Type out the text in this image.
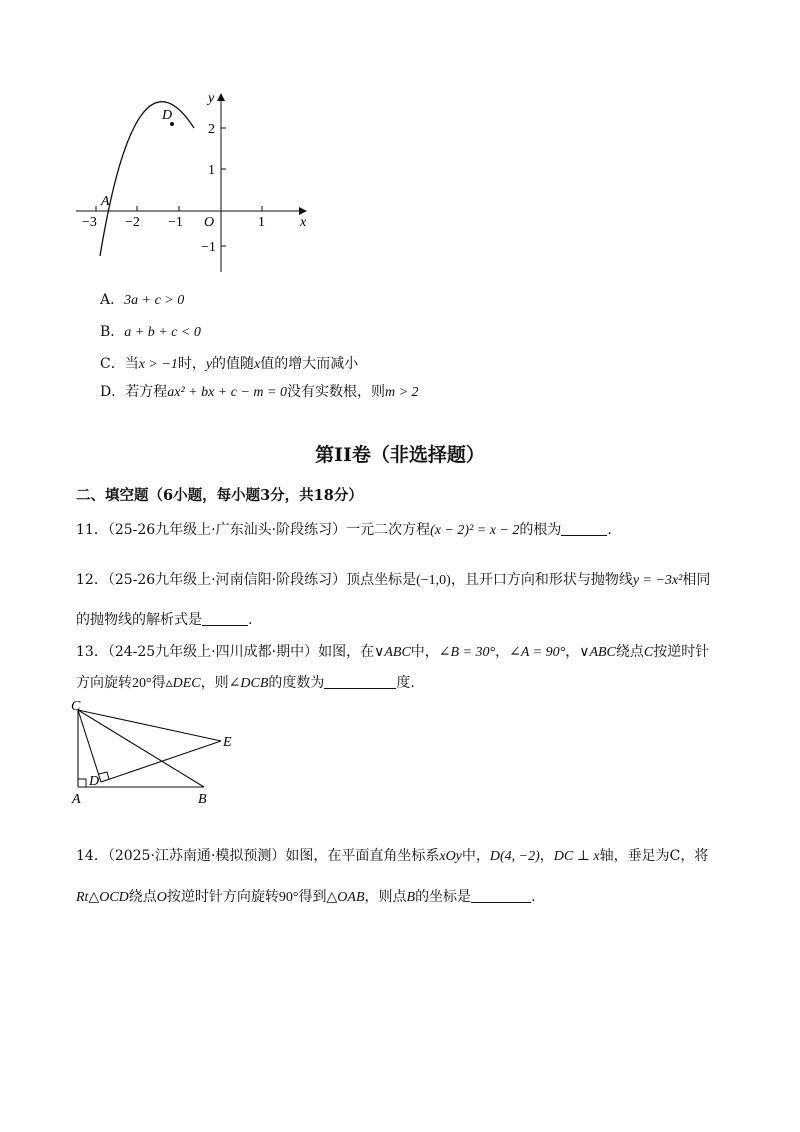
y
x
O
D
A
−3 −2 −1	1
2
1
−1
A．3a + c > 0
B．a + b + c < 0
C．当x > −1时，y的值随x值的增大而减小
D．若方程ax² + bx + c − m = 0没有实数根，则m > 2
第II卷（非选择题）
二、填空题（6小题，每小题3分，共18分）
11．（25-26九年级上·广东汕头·阶段练习）一元二次方程(x − 2)² = x − 2的根为	.
12．（25-26九年级上·河南信阳·阶段练习）顶点坐标是(−1,0)，且开口方向和形状与抛物线y = −3x²相同
的抛物线的解析式是	.
13．（24-25九年级上·四川成都·期中）如图，在∨ABC中，∠B = 30°，∠A = 90°，∨ABC绕点C按逆时针
方向旋转20°得▵DEC，则∠DCB的度数为	度.
C
E
D
A	B
14．（2025·江苏南通·模拟预测）如图，在平面直角坐标系xOy中，D(4, −2)，DC ⊥ x轴，垂足为C，将
Rt△OCD绕点O按逆时针方向旋转90°得到△OAB，则点B的坐标是	.
